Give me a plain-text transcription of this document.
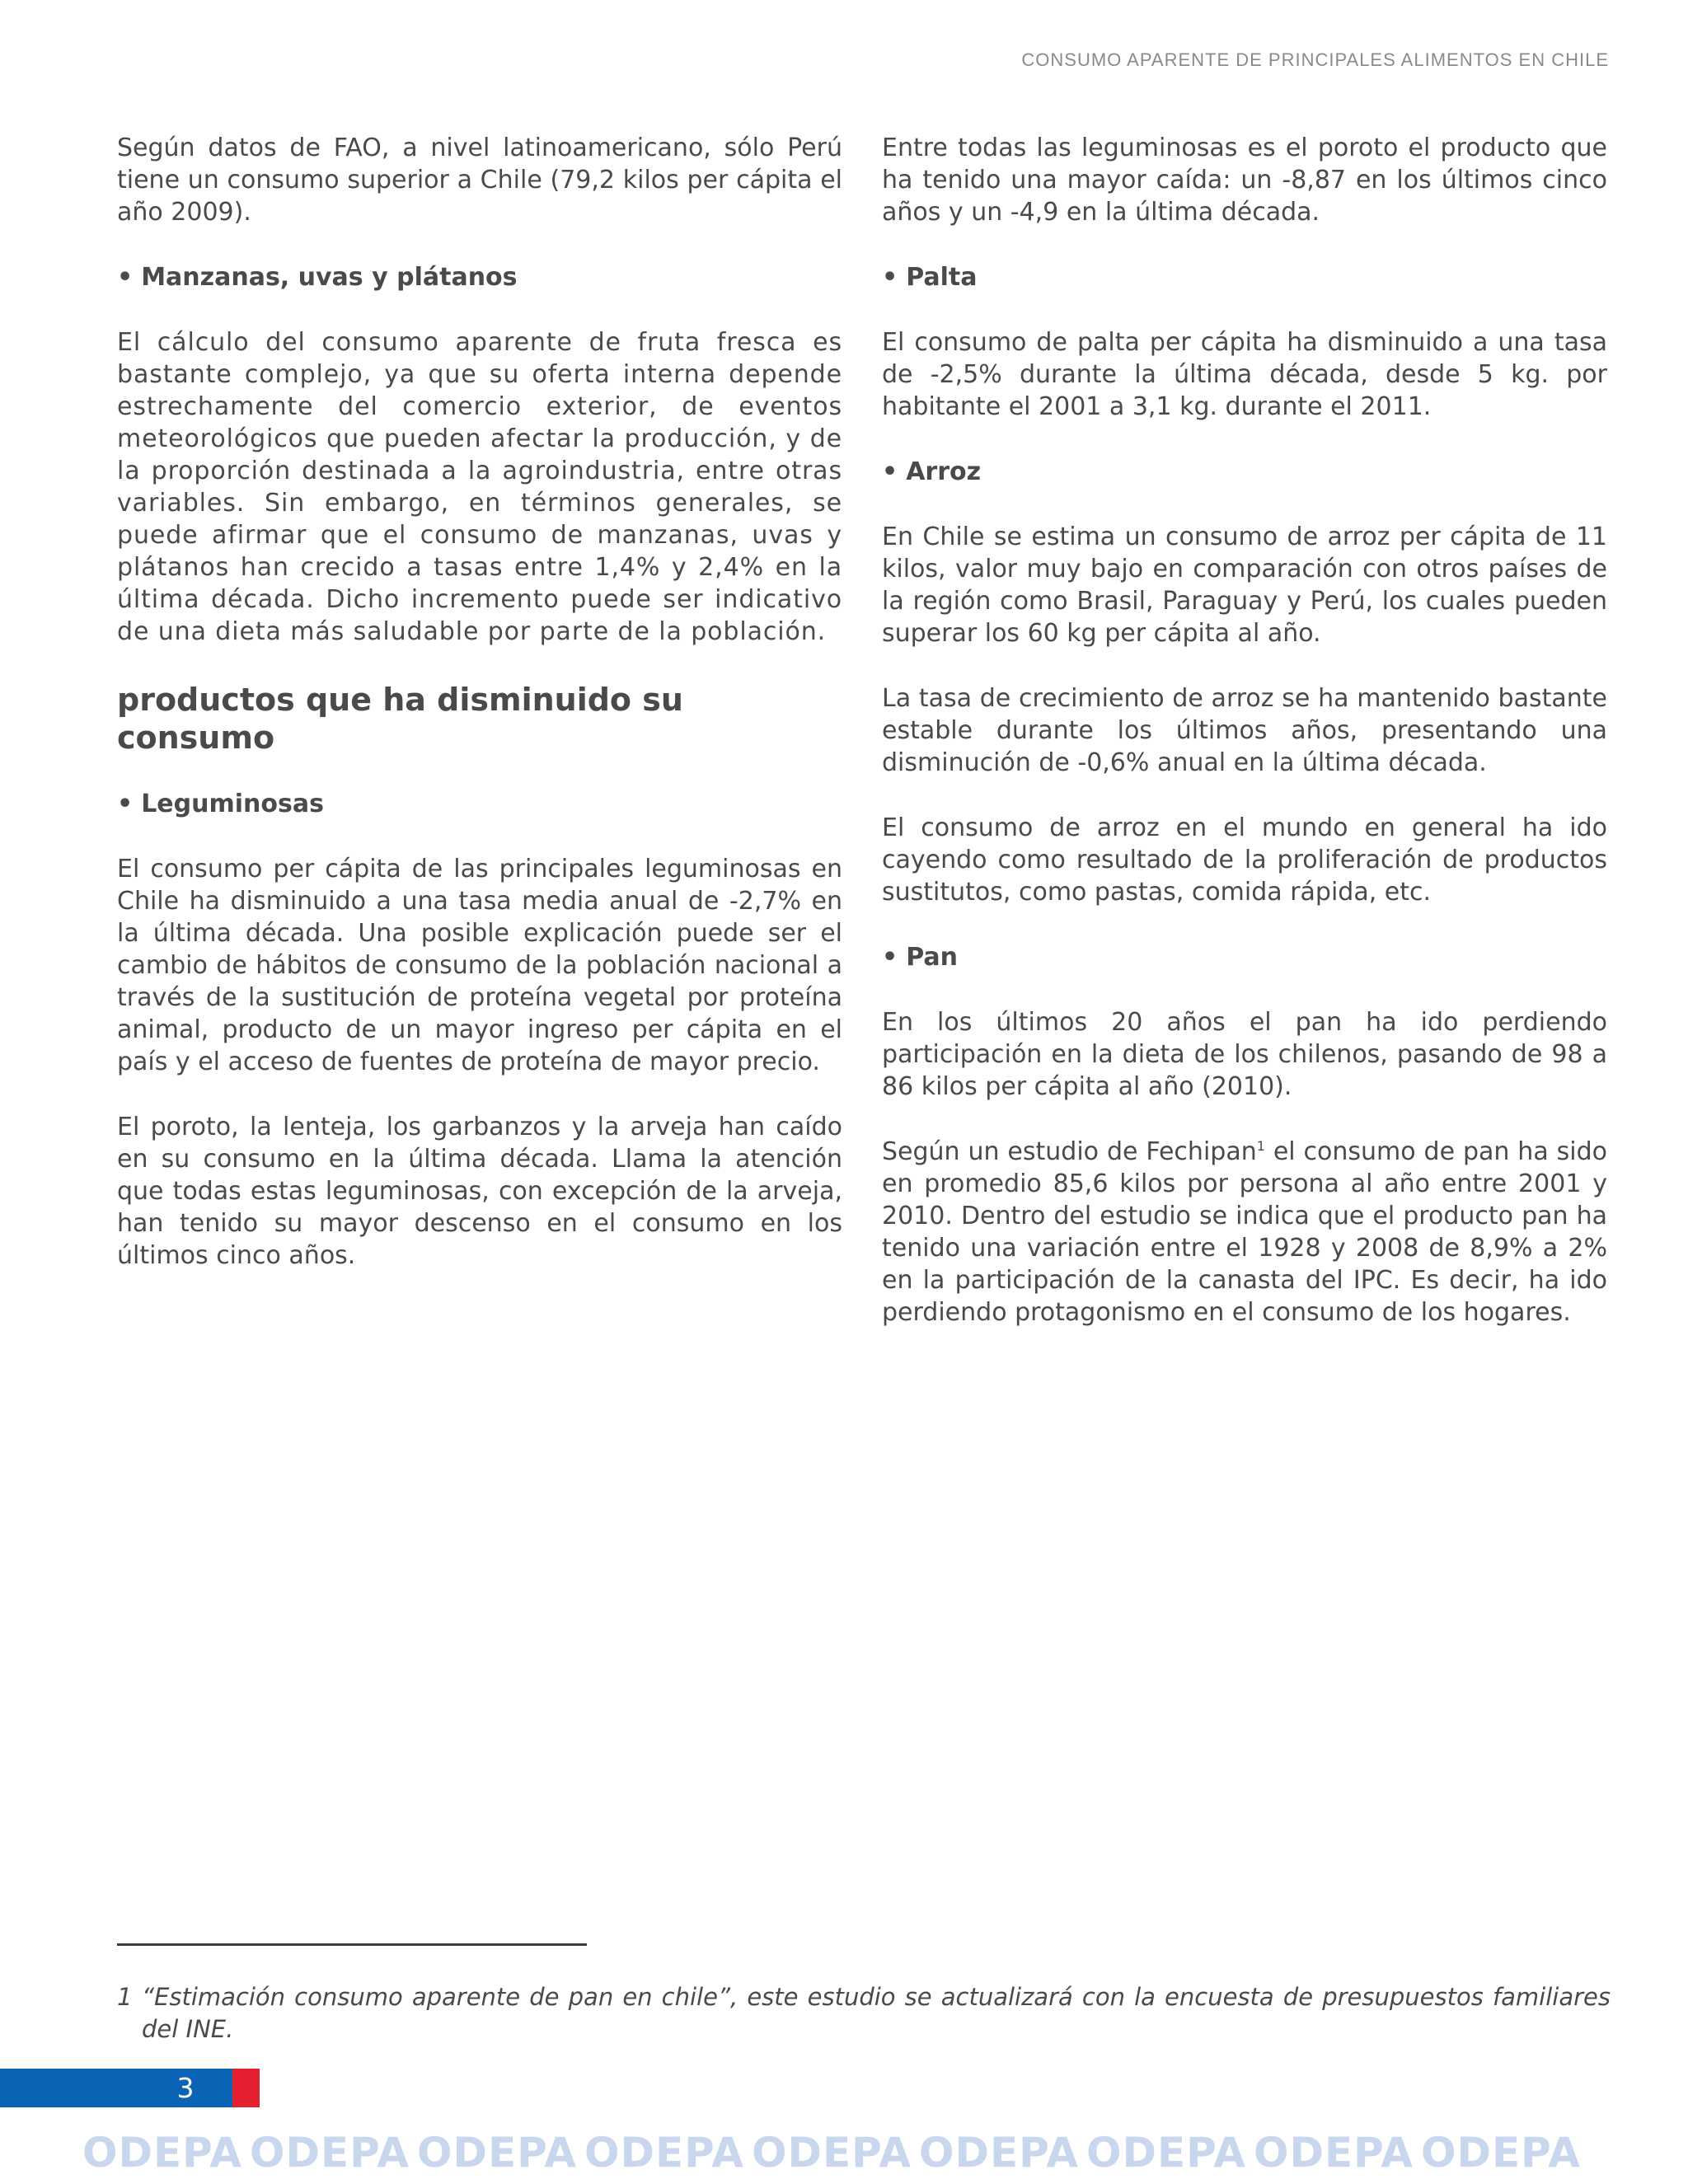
CONSUMO APARENTE DE PRINCIPALES ALIMENTOS EN CHILE

Según datos de FAO, a nivel latinoamericano, sólo Perú tiene un consumo superior a Chile (79,2 kilos per cápita el año 2009).

• Manzanas, uvas y plátanos

El cálculo del consumo aparente de fruta fresca es bastante complejo, ya que su oferta interna depende estrechamente del comercio exterior, de eventos meteorológicos que pueden afectar la producción, y de la proporción destinada a la agroindustria, entre otras variables. Sin embargo, en términos generales, se puede afirmar que el consumo de manzanas, uvas y plátanos han crecido a tasas entre 1,4% y 2,4% en la última década. Dicho incremento puede ser indicativo de una dieta más saludable por parte de la población.

productos que ha disminuido su consumo

• Leguminosas

El consumo per cápita de las principales leguminosas en Chile ha disminuido a una tasa media anual de -2,7% en la última década. Una posible explicación puede ser el cambio de hábitos de consumo de la población nacional a través de la sustitución de proteína vegetal por proteína animal, producto de un mayor ingreso per cápita en el país y el acceso de fuentes de proteína de mayor precio.

El poroto, la lenteja, los garbanzos y la arveja han caído en su consumo en la última década. Llama la atención que todas estas leguminosas, con excepción de la arveja, han tenido su mayor descenso en el consumo en los últimos cinco años.

Entre todas las leguminosas es el poroto el producto que ha tenido una mayor caída: un -8,87 en los últimos cinco años y un -4,9 en la última década.

• Palta

El consumo de palta per cápita ha disminuido a una tasa de -2,5% durante la última década, desde 5 kg. por habitante el 2001 a 3,1 kg. durante el 2011.

• Arroz

En Chile se estima un consumo de arroz per cápita de 11 kilos, valor muy bajo en comparación con otros países de la región como Brasil, Paraguay y Perú, los cuales pueden superar los 60 kg per cápita al año.

La tasa de crecimiento de arroz se ha mantenido bastante estable durante los últimos años, presentando una disminución de -0,6% anual en la última década.

El consumo de arroz en el mundo en general ha ido cayendo como resultado de la proliferación de productos sustitutos, como pastas, comida rápida, etc.

• Pan

En los últimos 20 años el pan ha ido perdiendo participación en la dieta de los chilenos, pasando de 98 a 86 kilos per cápita al año (2010).

Según un estudio de Fechipan$^1$ el consumo de pan ha sido en promedio 85,6 kilos por persona al año entre 2001 y 2010. Dentro del estudio se indica que el producto pan ha tenido una variación entre el 1928 y 2008 de 8,9% a 2% en la participación de la canasta del IPC. Es decir, ha ido perdiendo protagonismo en el consumo de los hogares.

1 “Estimación consumo aparente de pan en chile”, este estudio se actualizará con la encuesta de presupuestos familiares del INE.
3
ODEPA ODEPA ODEPA ODEPA ODEPA ODEPA ODEPA ODEPA ODEPA
